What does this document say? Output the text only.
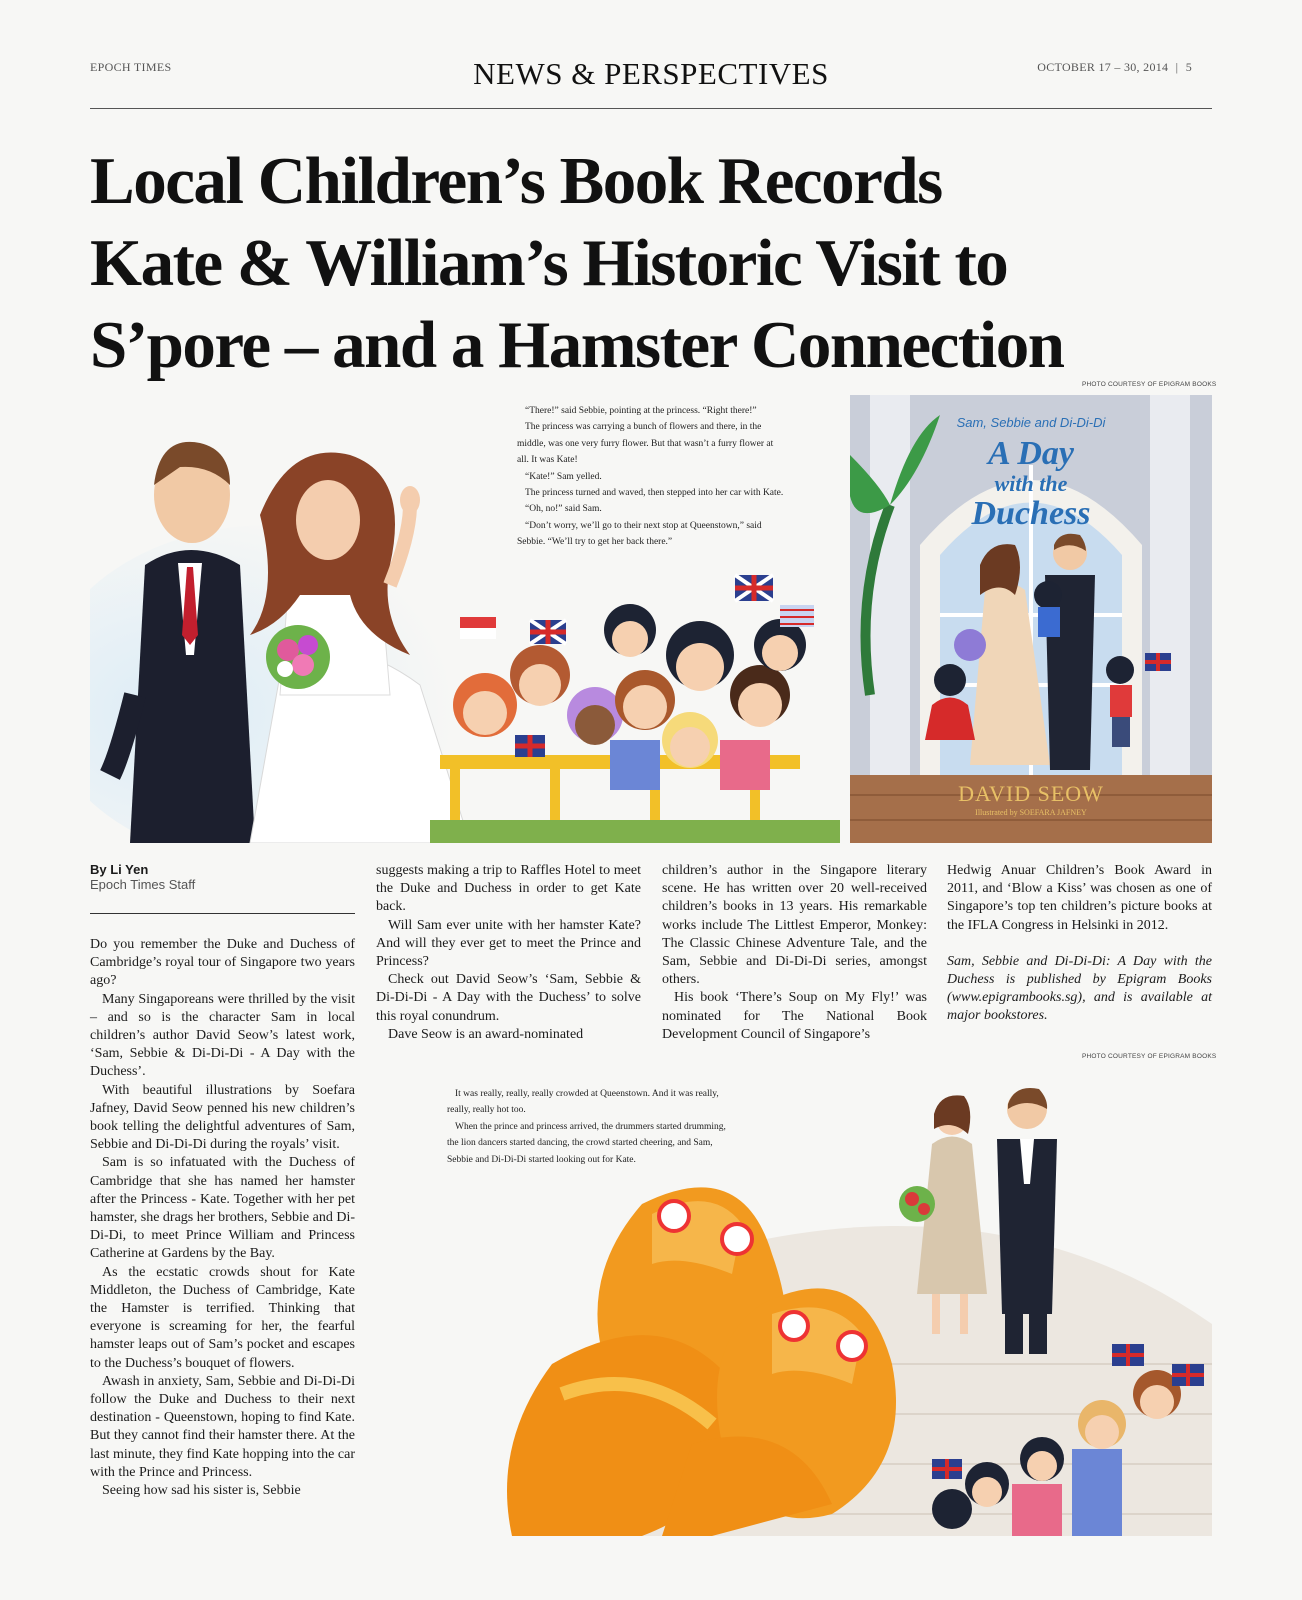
EPOCH TIMES	NEWS & PERSPECTIVES	OCTOBER 17 – 30, 2014 | 5
Local Children’s Book Records
Kate & William’s Historic Visit to
S’pore – and a Hamster Connection

“There!” said Sebbie, pointing at the princess. “Right there!”

The princess was carrying a bunch of flowers and there, in the middle, was one very furry flower. But that wasn’t a furry flower at all. It was Kate!

“Kate!” Sam yelled.

The princess turned and waved, then stepped into her car with Kate.

“Oh, no!” said Sam.

“Don’t worry, we’ll go to their next stop at Queenstown,” said Sebbie. “We’ll try to get her back there.”

PHOTO COURTESY OF EPIGRAM BOOKS
Sam, Sebbie and Di-Di-Di
A Day
with the
Duchess
DAVID SEOW
Illustrated by SOEFARA JAFNEY
By Li Yen
Epoch Times Staff

Do you remember the Duke and Duchess of Cambridge’s royal tour of Singapore two years ago?

Many Singaporeans were thrilled by the visit – and so is the character Sam in local children’s author David Seow’s latest work, ‘Sam, Sebbie & Di-Di-Di - A Day with the Duchess’.

With beautiful illustrations by Soefara Jafney, David Seow penned his new children’s book telling the delightful adventures of Sam, Sebbie and Di-Di-Di during the royals’ visit.

Sam is so infatuated with the Duchess of Cambridge that she has named her hamster after the Princess - Kate. Together with her pet hamster, she drags her brothers, Sebbie and Di-Di-Di, to meet Prince William and Princess Catherine at Gardens by the Bay.

As the ecstatic crowds shout for Kate Middleton, the Duchess of Cambridge, Kate the Hamster is terrified. Thinking that everyone is screaming for her, the fearful hamster leaps out of Sam’s pocket and escapes to the Duchess’s bouquet of flowers.

Awash in anxiety, Sam, Sebbie and Di-Di-Di follow the Duke and Duchess to their next destination - Queenstown, hoping to find Kate. But they cannot find their hamster there. At the last minute, they find Kate hopping into the car with the Prince and Princess.

Seeing how sad his sister is, Sebbie

suggests making a trip to Raffles Hotel to meet the Duke and Duchess in order to get Kate back.

Will Sam ever unite with her hamster Kate? And will they ever get to meet the Prince and Princess?

Check out David Seow’s ‘Sam, Sebbie & Di-Di-Di - A Day with the Duchess’ to solve this royal conundrum.

Dave Seow is an award-nominated

children’s author in the Singapore literary scene. He has written over 20 well-received children’s books in 13 years. His remarkable works include The Littlest Emperor, Monkey: The Classic Chinese Adventure Tale, and the Sam, Sebbie and Di-Di-Di series, amongst others.

His book ‘There’s Soup on My Fly!’ was nominated for The National Book Development Council of Singapore’s

Hedwig Anuar Children’s Book Award in 2011, and ‘Blow a Kiss’ was chosen as one of Singapore’s top ten children’s picture books at the IFLA Congress in Helsinki in 2012.

Sam, Sebbie and Di-Di-Di: A Day with the Duchess is published by Epigram Books (www.epigrambooks.sg), and is available at major bookstores.

PHOTO COURTESY OF EPIGRAM BOOKS

It was really, really, really crowded at Queenstown. And it was really, really, really hot too.

When the prince and princess arrived, the drummers started drumming, the lion dancers started dancing, the crowd started cheering, and Sam, Sebbie and Di-Di-Di started looking out for Kate.
